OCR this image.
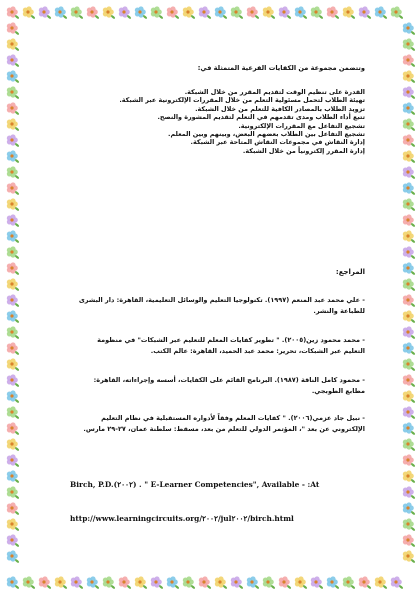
وتتضمن مجموعة من الكفايات الفرعية المتمثلة في:
القدرة على تنظيم الوقت لتقديم المقرر من خلال الشبكة.
تهيئة الطلاب لتحمل مسئولية التعلم من خلال المقررات الإلكترونية عبر الشبكة.
تزويد الطلاب بالمصادر الكافية للتعلم من خلال الشبكة.
تتبع أداء الطلاب ومدى تقدمهم في التعلم لتقديم المشورة والنصح.
تشجيع التفاعل مع المقررات الإلكترونية.
تشجيع التفاعل بين الطلاب بعضهم البعض، وبينهم وبين المعلم.
إدارة النقاش في مجموعات النقاش المتاحة عبر الشبكة.
إدارة المقرر إلكترونياً من خلال الشبكة.
المراجع:
- علي محمد عبد المنعم (١٩٩٧). تكنولوجيا التعليم والوسائل التعليمية، القاهرة: دار البشرى للطباعة والنشر.
- محمد محمود زين(٢٠٠٥). " تطوير كفايات المعلم للتعليم عبر الشبكات" في منظومة التعليم عبر الشبكات، تحرير: محمد عبد الحميد، القاهرة: عالم الكتب.
- محمود كامل الناقة (١٩٨٧). البرنامج القائم على الكفايات، أسسه وإجراءاته، القاهرة: مطابع الطوبجي.
- نبيل جاد عزمي(٢٠٠٦). " كفايات المعلم وفقاً لأدواره المستقبلية في نظام التعليم الإلكتروني عن بعد "، المؤتمر الدولي للتعلم من بعد، مسقط: سلطنة عمان، ٢٧-٢٩ مارس.
Birch, P.D.(٢٠٠٢) . " E-Learner Competencies", Available - :At
http://www.learningcircuits.org/٢٠٠٢/jul٢٠٠٢/birch.html
